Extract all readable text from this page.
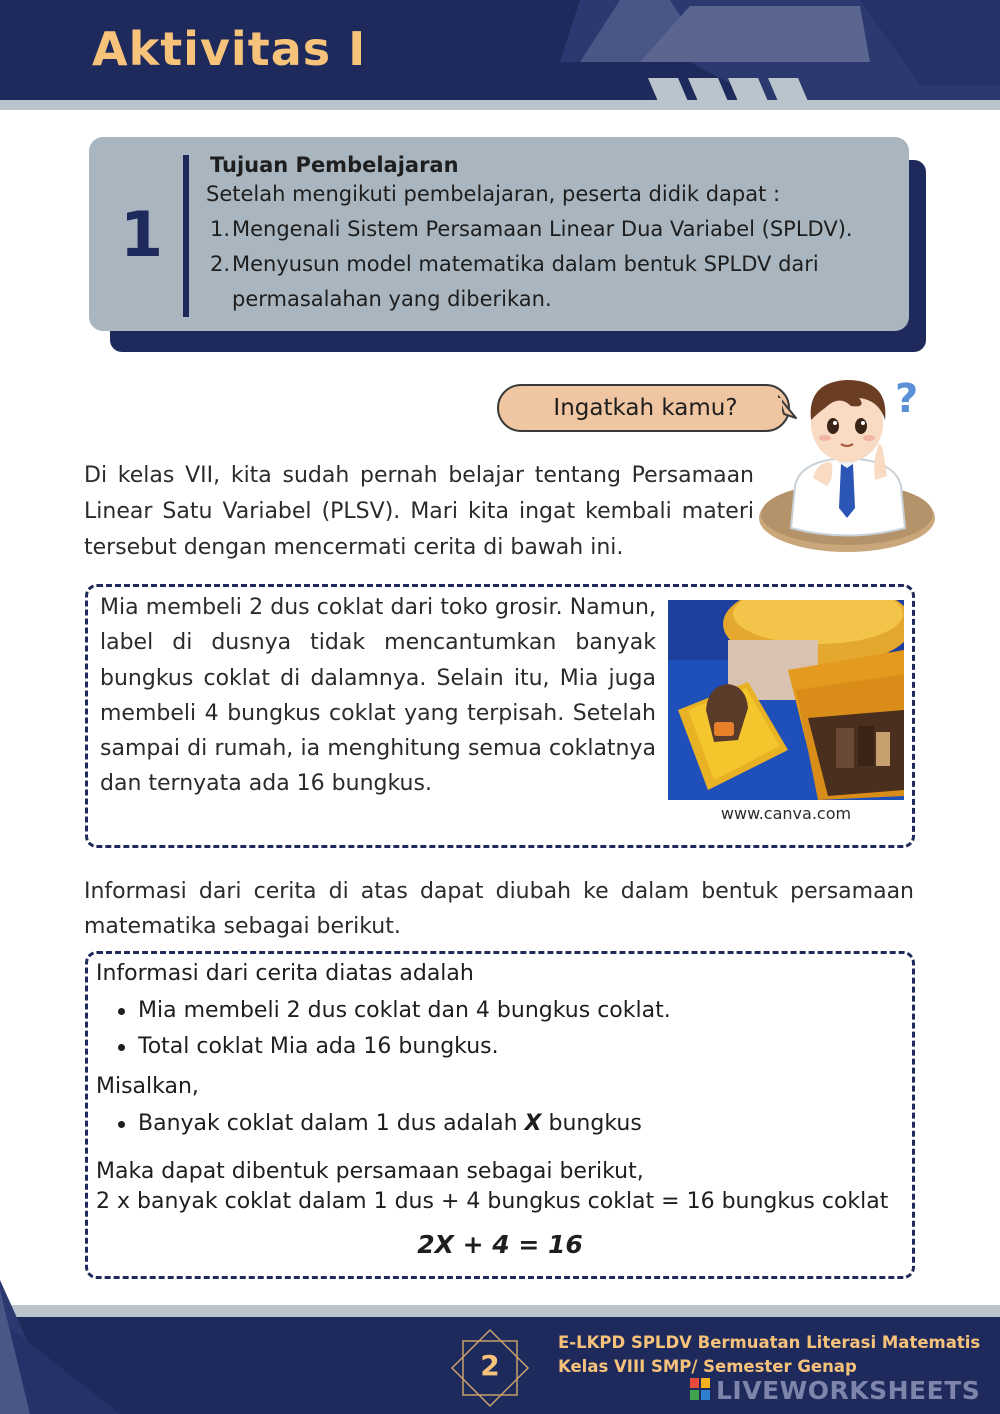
Aktivitas I
1
Tujuan Pembelajaran
Setelah mengikuti pembelajaran, peserta didik dapat :
1. Mengenali Sistem Persamaan Linear Dua Variabel (SPLDV).
2. Menyusun model matematika dalam bentuk SPLDV dari permasalahan yang diberikan.
Ingatkah kamu?	?
Di kelas VII, kita sudah pernah belajar tentang Persamaan Linear Satu Variabel (PLSV). Mari kita ingat kembali materi tersebut dengan mencermati cerita di bawah ini.
Mia membeli 2 dus coklat dari toko grosir. Namun, label di dusnya tidak mencantumkan banyak bungkus coklat di dalamnya. Selain itu, Mia juga membeli 4 bungkus coklat yang terpisah. Setelah sampai di rumah, ia menghitung semua coklatnya dan ternyata ada 16 bungkus.
www.canva.com
Informasi dari cerita di atas dapat diubah ke dalam bentuk persamaan matematika sebagai berikut.
Informasi dari cerita diatas adalah
Mia membeli 2 dus coklat dan 4 bungkus coklat.
Total coklat Mia ada 16 bungkus.
Misalkan,
Banyak coklat dalam 1 dus adalah X bungkus
Maka dapat dibentuk persamaan sebagai berikut,
2 x banyak coklat dalam 1 dus + 4 bungkus coklat = 16 bungkus coklat
2X + 4 = 16
2
E-LKPD SPLDV Bermuatan Literasi Matematis
Kelas VIII SMP/ Semester Genap
LIVEWORKSHEETS
